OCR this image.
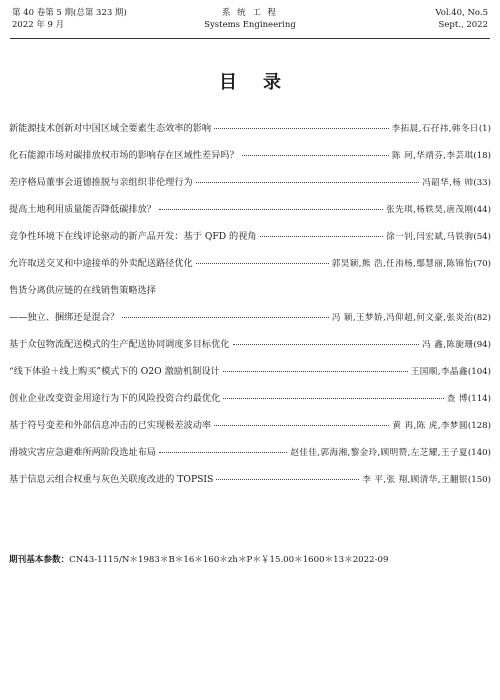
第 40 卷第 5 期(总第 323 期)
2022 年 9 月
系 统 工 程
Systems Engineering
Vol.40, No.5
Sept., 2022
目录
新能源技术创新对中国区域全要素生态效率的影响	李拓晨,石孖祎,韩冬日 (1)
化石能源市场对碳排放权市场的影响存在区域性差异吗？	陈 珂,华靖芬,李芸琪 (18)
差序格局董事会道德推脱与亲组织非伦理行为	冯韶华,杨 帅 (33)
提高土地利用质量能否降低碳排放？	张先琪,杨轶昊,唐茂刚 (44)
竞争性环境下在线评论驱动的新产品开发：基于 QFD 的视角	徐一钊,闫宏斌,马铁驹 (54)
允许取送交叉和中途接单的外卖配送路径优化	郭昊颖,熊 浩,任洧杨,鄢慧丽,陈锦怡 (70)
售货分离供应链的在线销售策略选择
——独立、捆绑还是混合？	冯 颖,王梦娇,冯仰超,何文豪,张炎治 (82)
基于众包物流配送模式的生产配送协同调度多目标优化	冯 鑫,陈旎珊 (94)
“线下体验＋线上购买”模式下的 O2O 激励机制设计	王国顺,李晶鑫 (104)
创业企业改变资金用途行为下的风险投资合约最优化	查 博 (114)
基于符号变差和外部信息冲击的已实现极差波动率	黄 再,陈 虎,李梦圆 (128)
滑坡灾害应急避难所两阶段选址布局	赵佳佳,郭海湘,黎金玲,顾明赞,左芝耀,王子夏 (140)
基于信息云组合权重与灰色关联度改进的 TOPSIS	李 平,张 翔,顾清华,王翻银 (150)
期刊基本参数：CN43-1115/N＊1983＊B＊16＊160＊zh＊P＊￥15.00＊1600＊13＊2022-09
